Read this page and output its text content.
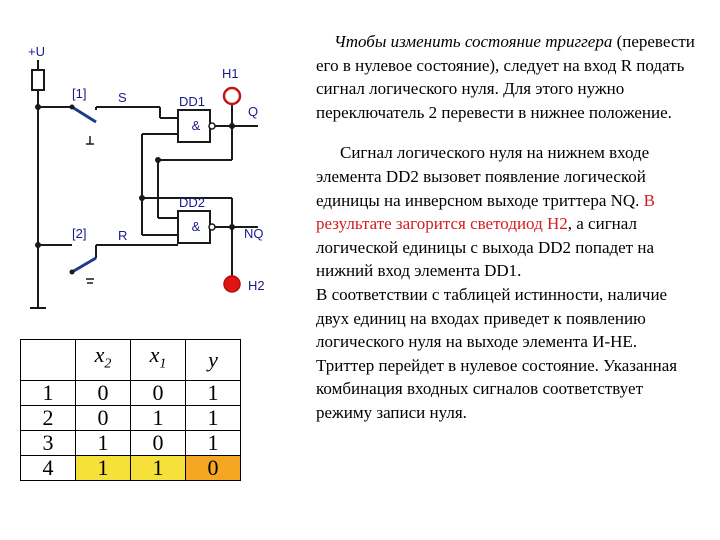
+U
[1] S
[2] R
&
DD1
&
DD2
H1
Q
H2
NQ
	$x_2$	$x_1$	y
1	0	0	1
2	0	1	1
3	1	0	1
4	1	1	0

Чтобы изменить состояние триггера (перевести его в нулевое состояние), следует на вход R подать сигнал логического нуля. Для этого нужно переключатель 2 перевести в нижнее положение.

Сигнал логического нуля на нижнем входе элемента DD2 вызовет появление логической единицы на инверсном выходе триттера NQ. В результате загорится светодиод Н2, а сигнал логической единицы с выхода DD2 попадет на нижний вход элемента DD1.

В соответствии с таблицей истинности, наличие двух единиц на входах приведет к появлению логического нуля на выходе элемента И-НЕ. Триттер перейдет в нулевое состояние. Указанная комбинация входных сигналов соответствует режиму записи нуля.
